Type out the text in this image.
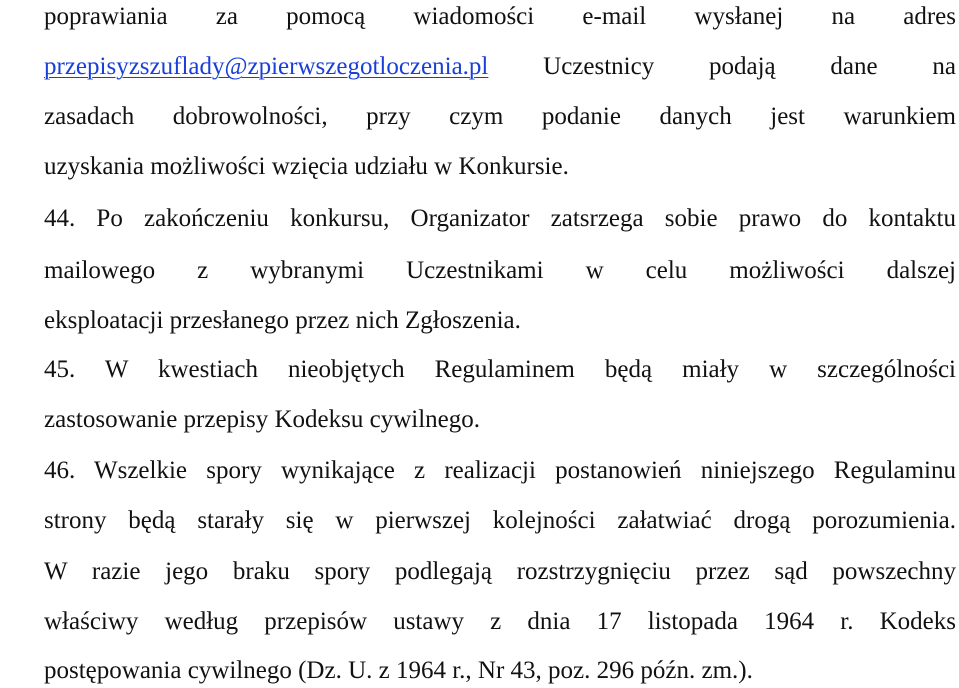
poprawiania za pomocą wiadomości e-mail wysłanej na adres
przepisyzszuflady@zpierwszegotloczenia.pl Uczestnicy podają dane na
zasadach dobrowolności, przy czym podanie danych jest warunkiem
uzyskania możliwości wzięcia udziału w Konkursie.
44. Po zakończeniu konkursu, Organizator zatsrzega sobie prawo do kontaktu
mailowego z wybranymi Uczestnikami w celu możliwości dalszej
eksploatacji przesłanego przez nich Zgłoszenia.
45. W kwestiach nieobjętych Regulaminem będą miały w szczególności
zastosowanie przepisy Kodeksu cywilnego.
46. Wszelkie spory wynikające z realizacji postanowień niniejszego Regulaminu
strony będą starały się w pierwszej kolejności załatwiać drogą porozumienia.
W razie jego braku spory podlegają rozstrzygnięciu przez sąd powszechny
właściwy według przepisów ustawy z dnia 17 listopada 1964 r. Kodeks
postępowania cywilnego (Dz. U. z 1964 r., Nr 43, poz. 296 późn. zm.).
